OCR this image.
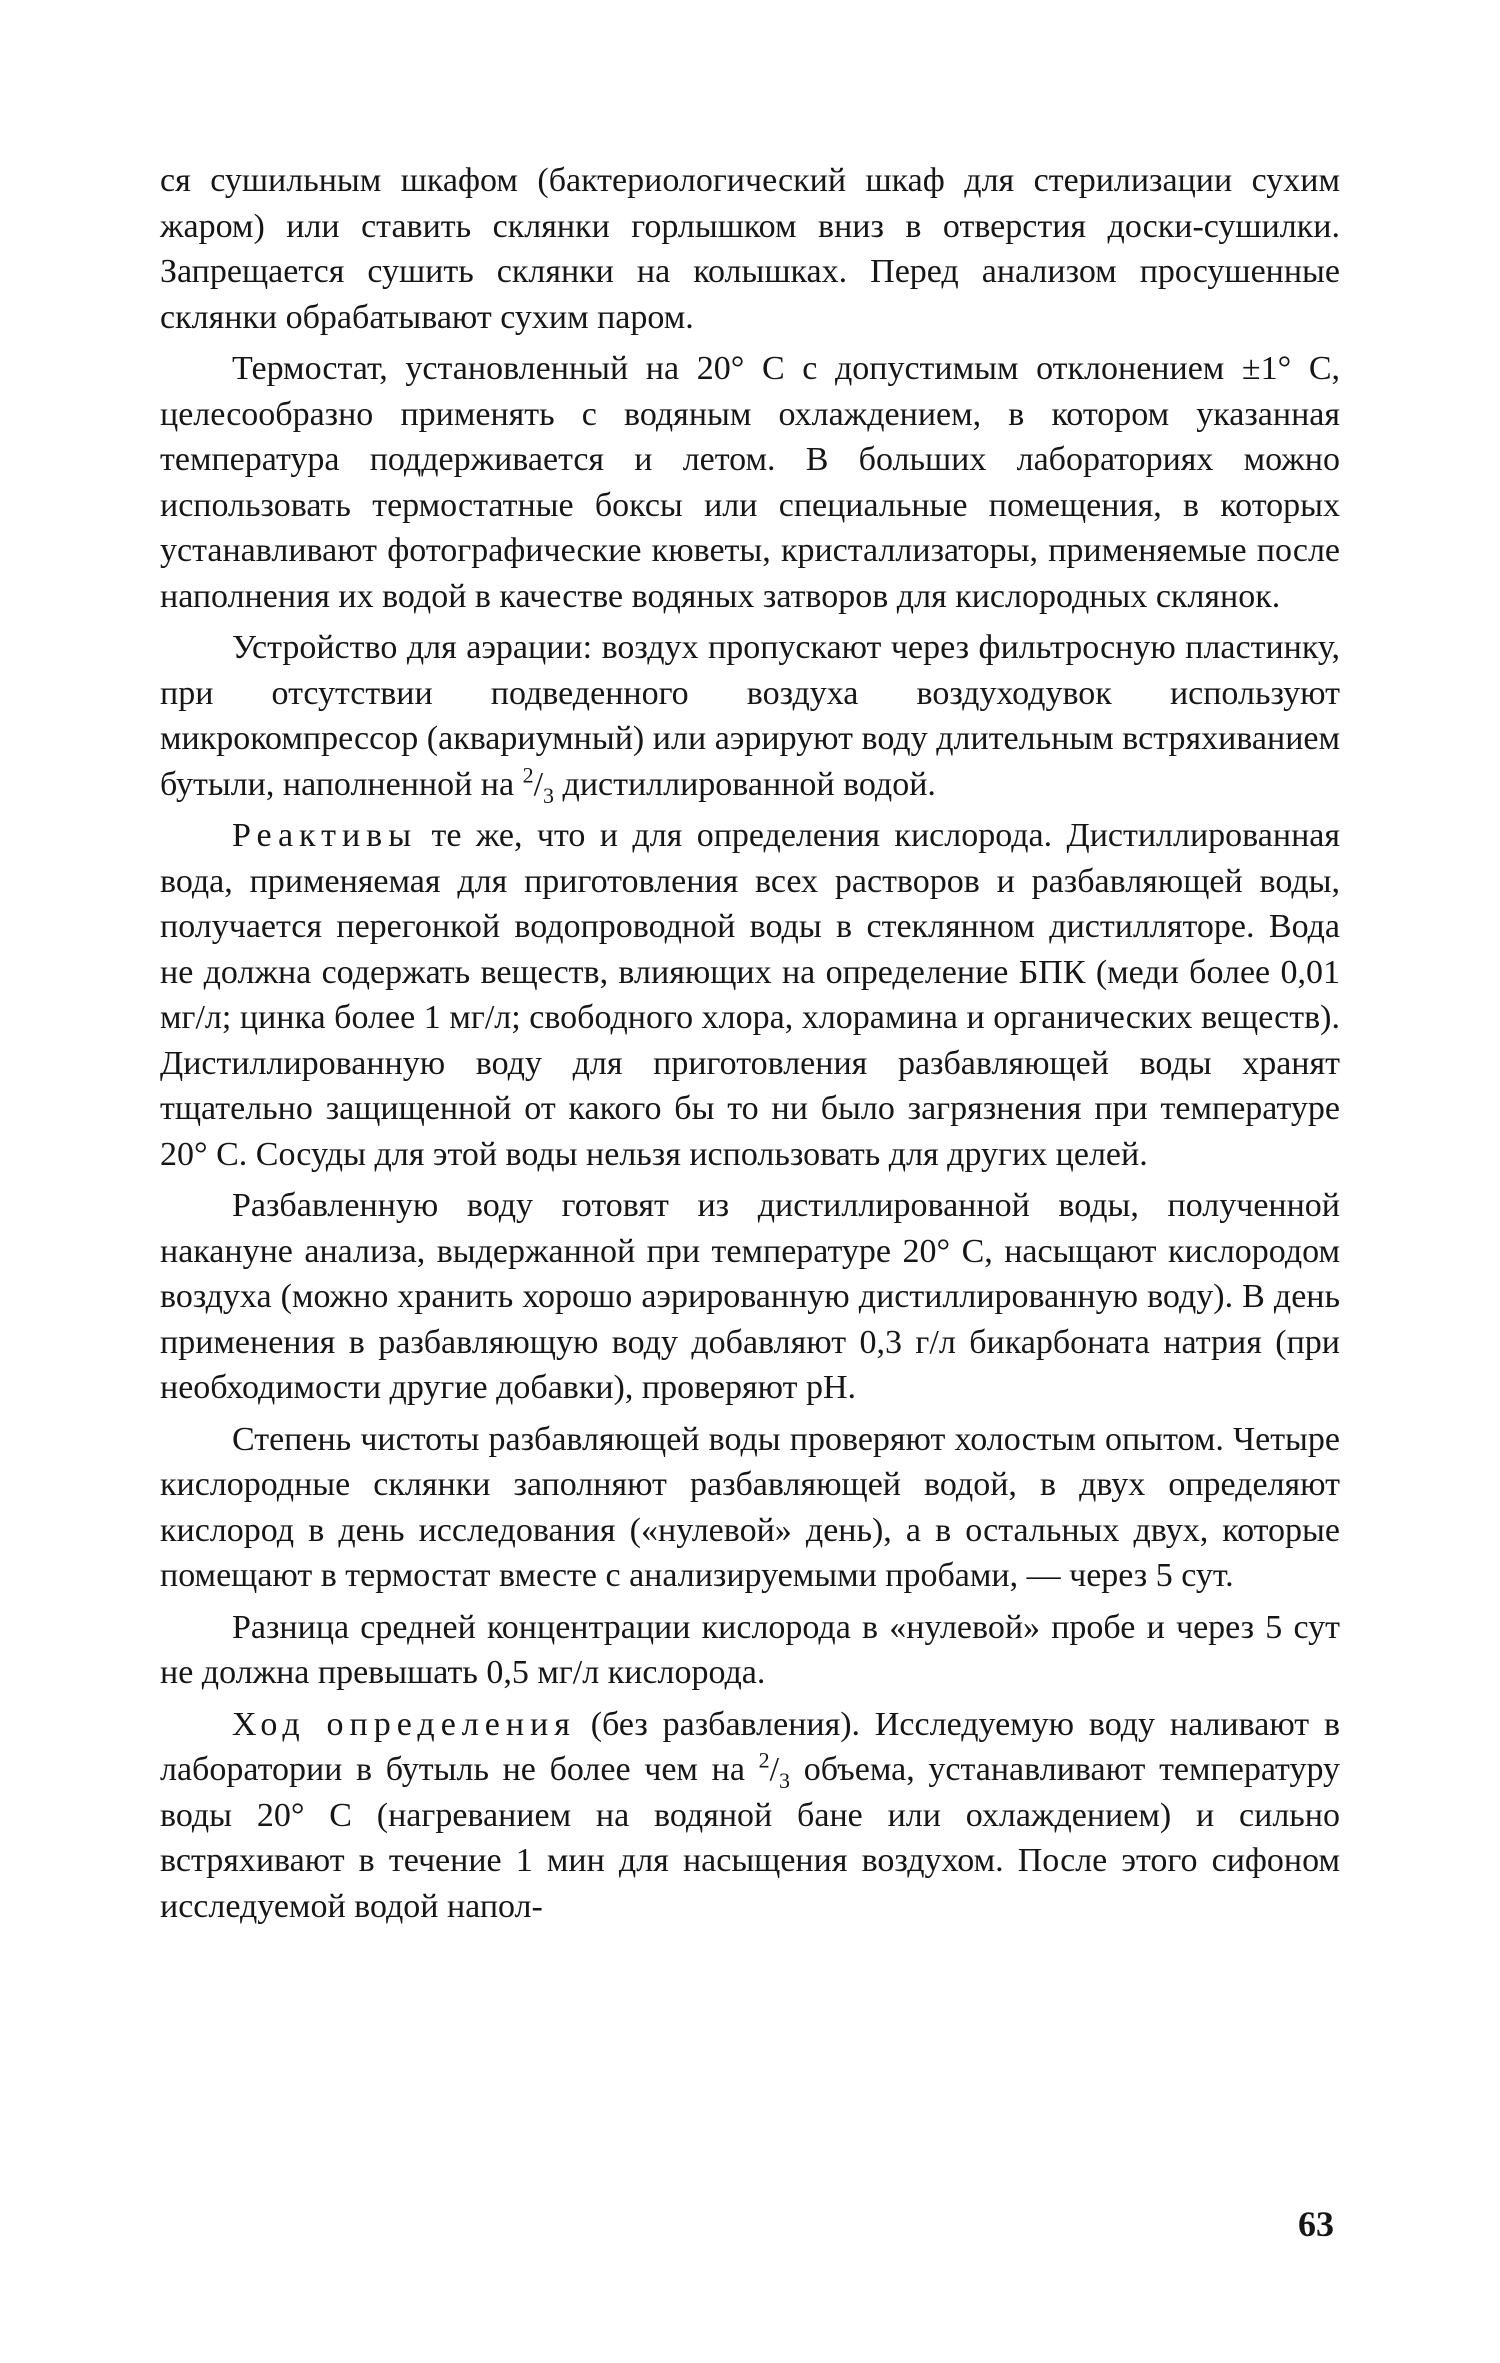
ся сушильным шкафом (бактериологический шкаф для стерилизации сухим жаром) или ставить склянки горлышком вниз в отверстия доски-сушилки. Запрещается сушить склянки на колышках. Перед анализом просушенные склянки обрабатывают сухим паром.

Термостат, установленный на 20° С с допустимым отклонением ±1° С, целесообразно применять с водяным охлаждением, в котором указанная температура поддерживается и летом. В больших лабораториях можно использовать термостатные боксы или специальные помещения, в которых устанавливают фотографические кюветы, кристаллизаторы, применяемые после наполнения их водой в качестве водяных затворов для кислородных склянок.

Устройство для аэрации: воздух пропускают через фильтросную пластинку, при отсутствии подведенного воздуха воздуходувок используют микрокомпрессор (аквариумный) или аэрируют воду длительным встряхиванием бутыли, наполненной на $^2/_3$ дистиллированной водой.

Реактивы те же, что и для определения кислорода. Дистиллированная вода, применяемая для приготовления всех растворов и разбавляющей воды, получается перегонкой водопроводной воды в стеклянном дистилляторе. Вода не должна содержать веществ, влияющих на определение БПК (меди более 0,01 мг/л; цинка более 1 мг/л; свободного хлора, хлорамина и органических веществ). Дистиллированную воду для приготовления разбавляющей воды хранят тщательно защищенной от какого бы то ни было загрязнения при температуре 20° С. Сосуды для этой воды нельзя использовать для других целей.

Разбавленную воду готовят из дистиллированной воды, полученной накануне анализа, выдержанной при температуре 20° С, насыщают кислородом воздуха (можно хранить хорошо аэрированную дистиллированную воду). В день применения в разбавляющую воду добавляют 0,3 г/л бикарбоната натрия (при необходимости другие добавки), проверяют pH.

Степень чистоты разбавляющей воды проверяют холостым опытом. Четыре кислородные склянки заполняют разбавляющей водой, в двух определяют кислород в день исследования («нулевой» день), а в остальных двух, которые помещают в термостат вместе с анализируемыми пробами, — через 5 сут.

Разница средней концентрации кислорода в «нулевой» пробе и через 5 сут не должна превышать 0,5 мг/л кислорода.

Ход определения (без разбавления). Исследуемую воду наливают в лаборатории в бутыль не более чем на $^2/_3$ объема, устанавливают температуру воды 20° С (нагреванием на водяной бане или охлаждением) и сильно встряхивают в течение 1 мин для насыщения воздухом. После этого сифоном исследуемой водой напол-

63
